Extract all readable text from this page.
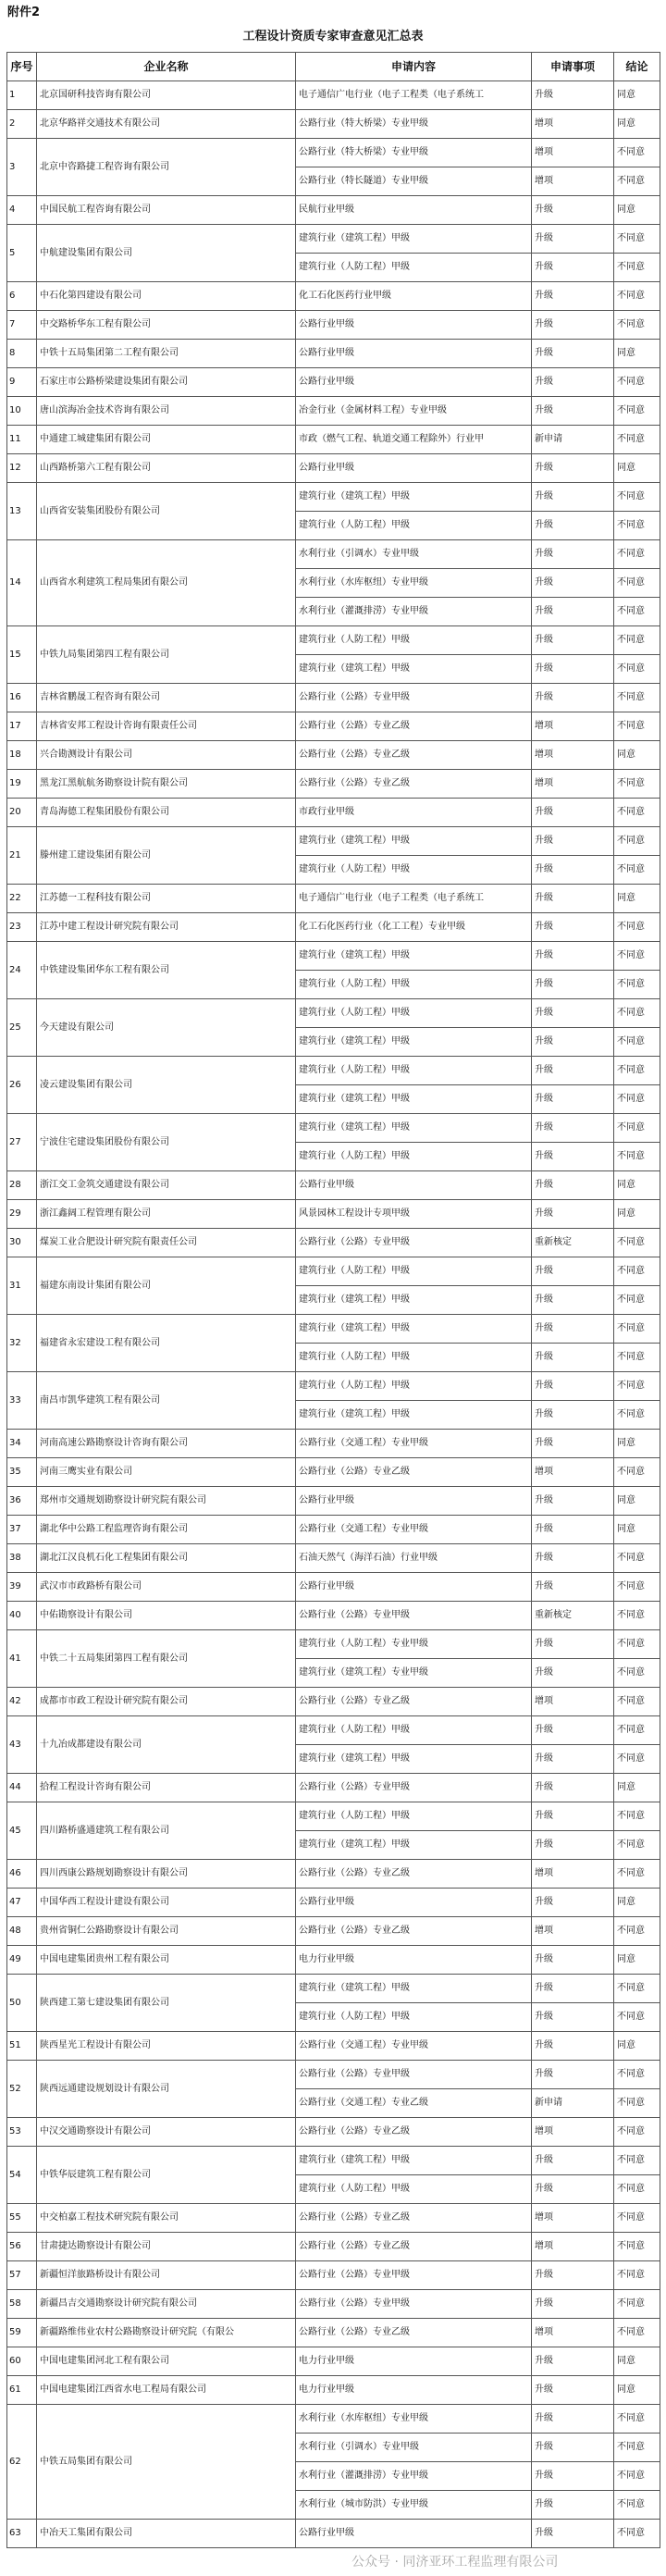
附件2
工程设计资质专家审查意见汇总表
序号	企业名称	申请内容	申请事项	结论
1	北京国研科技咨询有限公司	电子通信广电行业（电子工程类（电子系统工	升级	同意
2	北京华路祥交通技术有限公司	公路行业（特大桥梁）专业甲级	增项	同意
3	北京中咨路捷工程咨询有限公司	公路行业（特大桥梁）专业甲级	增项	不同意
		公路行业（特长隧道）专业甲级	增项	不同意
4	中国民航工程咨询有限公司	民航行业甲级	升级	同意
5	中航建设集团有限公司	建筑行业（建筑工程）甲级	升级	不同意
		建筑行业（人防工程）甲级	升级	不同意
6	中石化第四建设有限公司	化工石化医药行业甲级	升级	不同意
7	中交路桥华东工程有限公司	公路行业甲级	升级	不同意
8	中铁十五局集团第二工程有限公司	公路行业甲级	升级	同意
9	石家庄市公路桥梁建设集团有限公司	公路行业甲级	升级	不同意
10	唐山滨海冶金技术咨询有限公司	冶金行业（金属材料工程）专业甲级	升级	不同意
11	中通建工城建集团有限公司	市政（燃气工程、轨道交通工程除外）行业甲	新申请	不同意
12	山西路桥第六工程有限公司	公路行业甲级	升级	同意
13	山西省安装集团股份有限公司	建筑行业（建筑工程）甲级	升级	不同意
		建筑行业（人防工程）甲级	升级	不同意
14	山西省水利建筑工程局集团有限公司	水利行业（引调水）专业甲级	升级	不同意
		水利行业（水库枢纽）专业甲级	升级	不同意
		水利行业（灌溉排涝）专业甲级	升级	不同意
15	中铁九局集团第四工程有限公司	建筑行业（人防工程）甲级	升级	不同意
		建筑行业（建筑工程）甲级	升级	不同意
16	吉林省鹏晟工程咨询有限公司	公路行业（公路）专业甲级	升级	不同意
17	吉林省安邦工程设计咨询有限责任公司	公路行业（公路）专业乙级	增项	不同意
18	兴合勘测设计有限公司	公路行业（公路）专业乙级	增项	同意
19	黑龙江黑航航务勘察设计院有限公司	公路行业（公路）专业乙级	增项	不同意
20	青岛海德工程集团股份有限公司	市政行业甲级	升级	不同意
21	滕州建工建设集团有限公司	建筑行业（建筑工程）甲级	升级	不同意
		建筑行业（人防工程）甲级	升级	不同意
22	江苏德一工程科技有限公司	电子通信广电行业（电子工程类（电子系统工	升级	同意
23	江苏中建工程设计研究院有限公司	化工石化医药行业（化工工程）专业甲级	升级	不同意
24	中铁建设集团华东工程有限公司	建筑行业（建筑工程）甲级	升级	不同意
		建筑行业（人防工程）甲级	升级	不同意
25	今天建设有限公司	建筑行业（人防工程）甲级	升级	不同意
		建筑行业（建筑工程）甲级	升级	不同意
26	凌云建设集团有限公司	建筑行业（人防工程）甲级	升级	不同意
		建筑行业（建筑工程）甲级	升级	不同意
27	宁波住宅建设集团股份有限公司	建筑行业（建筑工程）甲级	升级	不同意
		建筑行业（人防工程）甲级	升级	不同意
28	浙江交工金筑交通建设有限公司	公路行业甲级	升级	同意
29	浙江鑫阔工程管理有限公司	风景园林工程设计专项甲级	升级	同意
30	煤炭工业合肥设计研究院有限责任公司	公路行业（公路）专业甲级	重新核定	不同意
31	福建东南设计集团有限公司	建筑行业（人防工程）甲级	升级	不同意
		建筑行业（建筑工程）甲级	升级	不同意
32	福建省永宏建设工程有限公司	建筑行业（建筑工程）甲级	升级	不同意
		建筑行业（人防工程）甲级	升级	不同意
33	南昌市凯华建筑工程有限公司	建筑行业（人防工程）甲级	升级	不同意
		建筑行业（建筑工程）甲级	升级	不同意
34	河南高速公路勘察设计咨询有限公司	公路行业（交通工程）专业甲级	升级	同意
35	河南三鹰实业有限公司	公路行业（公路）专业乙级	增项	不同意
36	郑州市交通规划勘察设计研究院有限公司	公路行业甲级	升级	同意
37	湖北华中公路工程监理咨询有限公司	公路行业（交通工程）专业甲级	升级	同意
38	湖北江汉良机石化工程集团有限公司	石油天然气（海洋石油）行业甲级	升级	不同意
39	武汉市市政路桥有限公司	公路行业甲级	升级	不同意
40	中佑勘察设计有限公司	公路行业（公路）专业甲级	重新核定	不同意
41	中铁二十五局集团第四工程有限公司	建筑行业（人防工程）专业甲级	升级	不同意
		建筑行业（建筑工程）专业甲级	升级	不同意
42	成都市市政工程设计研究院有限公司	公路行业（公路）专业乙级	增项	不同意
43	十九冶成都建设有限公司	建筑行业（人防工程）甲级	升级	不同意
		建筑行业（建筑工程）甲级	升级	不同意
44	拾程工程设计咨询有限公司	公路行业（公路）专业甲级	升级	同意
45	四川路桥盛通建筑工程有限公司	建筑行业（人防工程）甲级	升级	不同意
		建筑行业（建筑工程）甲级	升级	不同意
46	四川西康公路规划勘察设计有限公司	公路行业（公路）专业乙级	增项	不同意
47	中国华西工程设计建设有限公司	公路行业甲级	升级	同意
48	贵州省铜仁公路勘察设计有限公司	公路行业（公路）专业乙级	增项	不同意
49	中国电建集团贵州工程有限公司	电力行业甲级	升级	同意
50	陕西建工第七建设集团有限公司	建筑行业（建筑工程）甲级	升级	不同意
		建筑行业（人防工程）甲级	升级	不同意
51	陕西星光工程设计有限公司	公路行业（交通工程）专业甲级	升级	同意
52	陕西远通建设规划设计有限公司	公路行业（公路）专业甲级	升级	不同意
		公路行业（交通工程）专业乙级	新申请	不同意
53	中汉交通勘察设计有限公司	公路行业（公路）专业乙级	增项	不同意
54	中铁华辰建筑工程有限公司	建筑行业（建筑工程）甲级	升级	不同意
		建筑行业（人防工程）甲级	升级	不同意
55	中交柏嘉工程技术研究院有限公司	公路行业（公路）专业乙级	增项	不同意
56	甘肃捷达勘察设计有限公司	公路行业（公路）专业乙级	增项	不同意
57	新疆恒洋旅路桥设计有限公司	公路行业（公路）专业甲级	升级	不同意
58	新疆昌吉交通勘察设计研究院有限公司	公路行业（公路）专业甲级	升级	不同意
59	新疆路维伟业农村公路勘察设计研究院（有限公	公路行业（公路）专业乙级	增项	不同意
60	中国电建集团河北工程有限公司	电力行业甲级	升级	同意
61	中国电建集团江西省水电工程局有限公司	电力行业甲级	升级	同意
62	中铁五局集团有限公司	水利行业（水库枢纽）专业甲级	升级	不同意
		水利行业（引调水）专业甲级	升级	不同意
		水利行业（灌溉排涝）专业甲级	升级	不同意
		水利行业（城市防洪）专业甲级	升级	不同意
63	中冶天工集团有限公司	公路行业甲级	升级	不同意
公众号 · 同济亚环工程监理有限公司
